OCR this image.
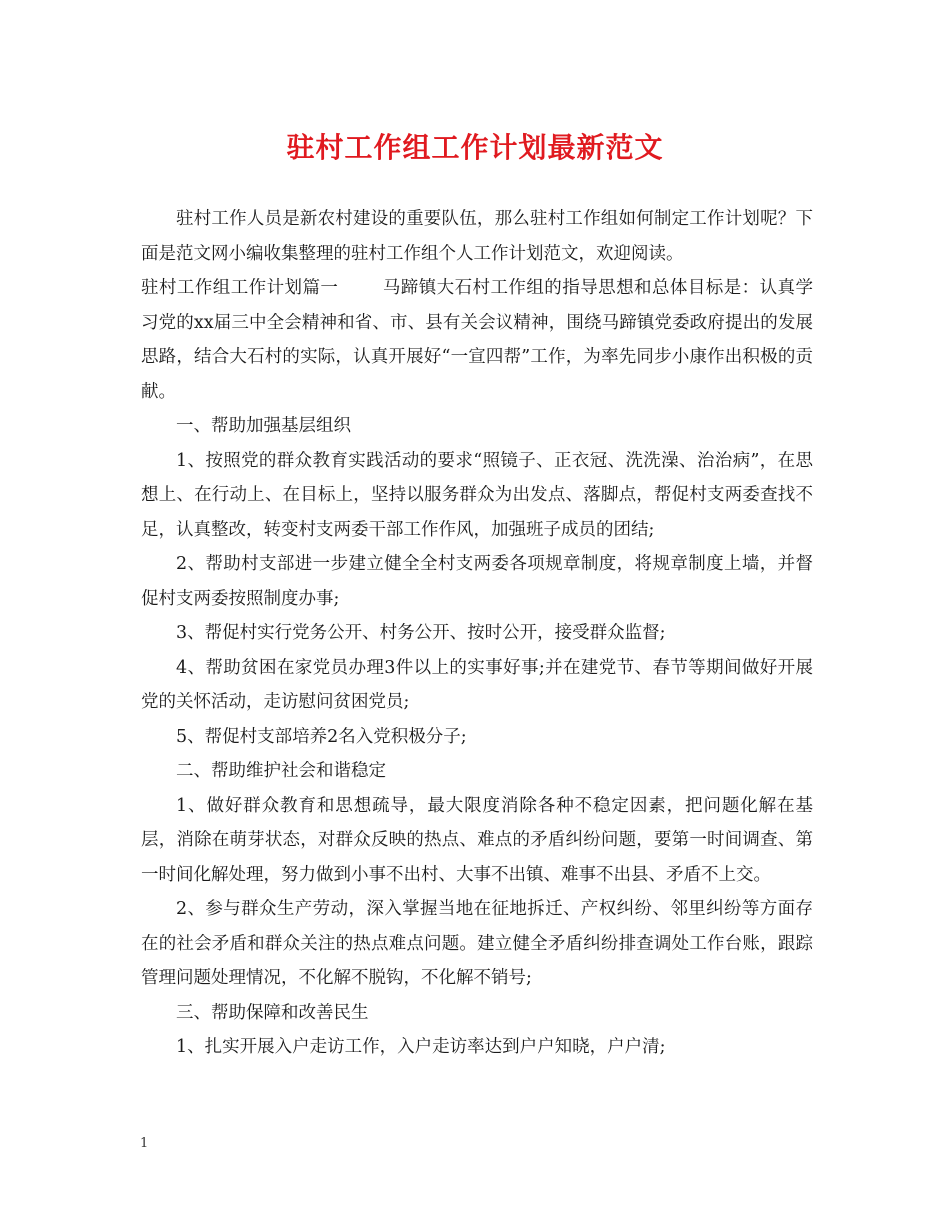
驻村工作组工作计划最新范文

驻村工作人员是新农村建设的重要队伍，那么驻村工作组如何制定工作计划呢？下面是范文网小编收集整理的驻村工作组个人工作计划范文，欢迎阅读。

驻村工作组工作计划篇一	马蹄镇大石村工作组的指导思想和总体目标是：认真学习党的xx届三中全会精神和省、市、县有关会议精神，围绕马蹄镇党委政府提出的发展思路，结合大石村的实际，认真开展好“一宣四帮”工作，为率先同步小康作出积极的贡献。

一、帮助加强基层组织

1、按照党的群众教育实践活动的要求“照镜子、正衣冠、洗洗澡、治治病”，在思想上、在行动上、在目标上，坚持以服务群众为出发点、落脚点，帮促村支两委查找不足，认真整改，转变村支两委干部工作作风，加强班子成员的团结;

2、帮助村支部进一步建立健全全村支两委各项规章制度，将规章制度上墙，并督促村支两委按照制度办事;

3、帮促村实行党务公开、村务公开、按时公开，接受群众监督;

4、帮助贫困在家党员办理3件以上的实事好事;并在建党节、春节等期间做好开展党的关怀活动，走访慰问贫困党员;

5、帮促村支部培养2名入党积极分子;

二、帮助维护社会和谐稳定

1、做好群众教育和思想疏导，最大限度消除各种不稳定因素，把问题化解在基层，消除在萌芽状态，对群众反映的热点、难点的矛盾纠纷问题，要第一时间调查、第一时间化解处理，努力做到小事不出村、大事不出镇、难事不出县、矛盾不上交。

2、参与群众生产劳动，深入掌握当地在征地拆迁、产权纠纷、邻里纠纷等方面存在的社会矛盾和群众关注的热点难点问题。建立健全矛盾纠纷排查调处工作台账，跟踪管理问题处理情况，不化解不脱钩，不化解不销号;

三、帮助保障和改善民生

1、扎实开展入户走访工作，入户走访率达到户户知晓，户户清;

1
